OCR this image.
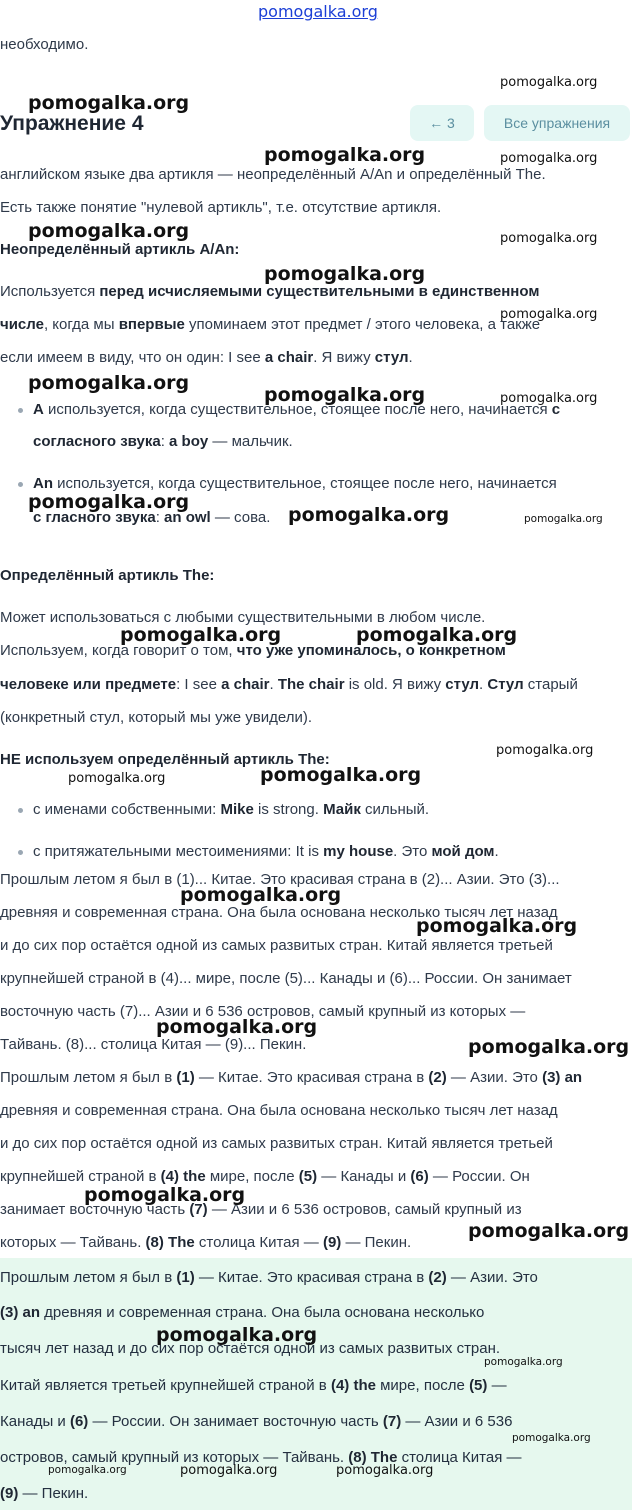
pomogalka.org
необходимо.
Упражнение 4	← 3	Все упражнения
английском языке два артикля — неопределённый A/An и определённый The.
Есть также понятие "нулевой артикль", т.е. отсутствие артикля.
Неопределённый артикль A/An:
Используется перед исчисляемыми существительными в единственном
числе, когда мы впервые упоминаем этот предмет / этого человека, а также
если имеем в виду, что он один: I see a chair. Я вижу стул.
A используется, когда существительное, стоящее после него, начинается с
согласного звука: a boy — мальчик.
An используется, когда существительное, стоящее после него, начинается
с гласного звука: an owl — сова.
Определённый артикль The:
Может использоваться с любыми существительными в любом числе.
Используем, когда говорит о том, что уже упоминалось, о конкретном
человеке или предмете: I see a chair. The chair is old. Я вижу стул. Стул старый
(конкретный стул, который мы уже увидели).
НЕ используем определённый артикль The:
с именами собственными: Mike is strong. Майк сильный.
с притяжательными местоимениями: It is my house. Это мой дом.
Прошлым летом я был в (1)... Китае. Это красивая страна в (2)... Азии. Это (3)...
древняя и современная страна. Она была основана несколько тысяч лет назад
и до сих пор остаётся одной из самых развитых стран. Китай является третьей
крупнейшей страной в (4)... мире, после (5)... Канады и (6)... России. Он занимает
восточную часть (7)... Азии и 6 536 островов, самый крупный из которых —
Тайвань. (8)... столица Китая — (9)... Пекин.
Прошлым летом я был в (1) — Китае. Это красивая страна в (2) — Азии. Это (3) an
древняя и современная страна. Она была основана несколько тысяч лет назад
и до сих пор остаётся одной из самых развитых стран. Китай является третьей
крупнейшей страной в (4) the мире, после (5) — Канады и (6) — России. Он
занимает восточную часть (7) — Азии и 6 536 островов, самый крупный из
которых — Тайвань. (8) The столица Китая — (9) — Пекин.
Прошлым летом я был в (1) — Китае. Это красивая страна в (2) — Азии. Это
(3) an древняя и современная страна. Она была основана несколько
тысяч лет назад и до сих пор остаётся одной из самых развитых стран.
Китай является третьей крупнейшей страной в (4) the мире, после (5) —
Канады и (6) — России. Он занимает восточную часть (7) — Азии и 6 536
островов, самый крупный из которых — Тайвань. (8) The столица Китая —
(9) — Пекин.
pomogalka.org
pomogalka.org
pomogalka.org	pomogalka.org
pomogalka.org	pomogalka.org
pomogalka.org
pomogalka.org
pomogalka.org
pomogalka.org	pomogalka.org
pomogalka.org
pomogalka.org	pomogalka.org
pomogalka.org	pomogalka.org
pomogalka.org
pomogalka.org
pomogalka.org
pomogalka.org
pomogalka.org
pomogalka.org
pomogalka.org
pomogalka.org
pomogalka.org
pomogalka.org
pomogalka.org
pomogalka.org
pomogalka.org	pomogalka.org	pomogalka.org
